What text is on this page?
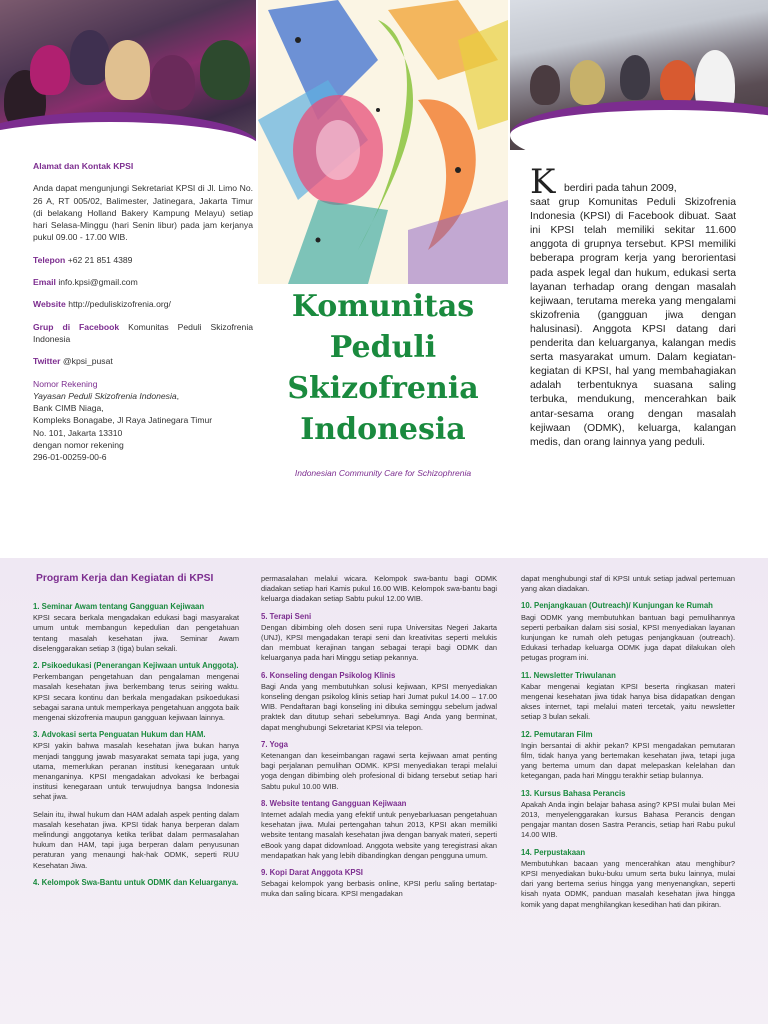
Alamat dan Kontak KPSI

Anda dapat mengunjungi Sekretariat KPSI di Jl. Limo No. 26 A, RT 005/02, Balimester, Jatinegara, Jakarta Timur (di belakang Holland Bakery Kampung Melayu) setiap hari Selasa-Minggu (hari Senin libur) pada jam kerjanya pukul 09.00 - 17.00 WIB.

Telepon +62 21 851 4389

Email info.kpsi@gmail.com

Website http://peduliskizofrenia.org/

Grup di Facebook Komunitas Peduli Skizofrenia Indonesia

Twitter @kpsi_pusat

Nomor Rekening

Yayasan Peduli Skizofrenia Indonesia,

Bank CIMB Niaga,

Kompleks Bonagabe, Jl Raya Jatinegara Timur

No. 101, Jakarta 13310

dengan nomor rekening

296-01-00259-00-6

Komunitas
Peduli
Skizofrenia
Indonesia
Indonesian Community Care for Schizophrenia
K berdiri pada tahun 2009,
saat grup Komunitas Peduli Skizofrenia Indonesia (KPSI) di Facebook dibuat. Saat ini KPSI telah memiliki sekitar 11.600 anggota di grupnya tersebut. KPSI memiliki beberapa program kerja yang berorientasi pada aspek legal dan hukum, edukasi serta layanan terhadap orang dengan masalah kejiwaan, terutama mereka yang mengalami skizofrenia (gangguan jiwa dengan halusinasi). Anggota KPSI datang dari penderita dan keluarganya, kalangan medis serta masyarakat umum. Dalam kegiatan-kegiatan di KPSI, hal yang membahagiakan adalah terbentuknya suasana saling terbuka, mendukung, mencerahkan baik antar-sesama orang dengan masalah kejiwaan (ODMK), keluarga, kalangan medis, dan orang lainnya yang peduli.
Program Kerja dan Kegiatan di KPSI
1. Seminar Awam tentang Gangguan Kejiwaan

KPSI secara berkala mengadakan edukasi bagi masyarakat umum untuk membangun kepedulian dan pengetahuan tentang masalah kesehatan jiwa. Seminar Awam diselenggarakan setiap 3 (tiga) bulan sekali.

2. Psikoedukasi (Penerangan Kejiwaan untuk Anggota).

Perkembangan pengetahuan dan pengalaman mengenai masalah kesehatan jiwa berkembang terus seiring waktu. KPSI secara kontinu dan berkala mengadakan psikoedukasi sebagai sarana untuk memperkaya pengetahuan anggota baik mengenai skizofrenia maupun gangguan kejiwaan lainnya.

3. Advokasi serta Penguatan Hukum dan HAM.

KPSI yakin bahwa masalah kesehatan jiwa bukan hanya menjadi tanggung jawab masyarakat semata tapi juga, yang utama, memerlukan peranan institusi kenegaraan untuk menanganinya. KPSI mengadakan advokasi ke berbagai institusi kenegaraan untuk terwujudnya bangsa Indonesia sehat jiwa.

Selain itu, ihwal hukum dan HAM adalah aspek penting dalam masalah kesehatan jiwa. KPSI tidak hanya berperan dalam melindungi anggotanya ketika terlibat dalam permasalahan hukum dan HAM, tapi juga berperan dalam penyusunan peraturan yang menaungi hak-hak ODMK, seperti RUU Kesehatan Jiwa.

4. Kelompok Swa-Bantu untuk ODMK dan Keluarganya.

permasalahan melalui wicara. Kelompok swa-bantu bagi ODMK diadakan setiap hari Kamis pukul 16.00 WIB. Kelompok swa-bantu bagi keluarga diadakan setiap Sabtu pukul 12.00 WIB.

5. Terapi Seni

Dengan dibimbing oleh dosen seni rupa Universitas Negeri Jakarta (UNJ), KPSI mengadakan terapi seni dan kreativitas seperti melukis dan membuat kerajinan tangan sebagai terapi bagi ODMK dan keluarganya pada hari Minggu setiap pekannya.

6. Konseling dengan Psikolog Klinis

Bagi Anda yang membutuhkan solusi kejiwaan, KPSI menyediakan konseling dengan psikolog klinis setiap hari Jumat pukul 14.00 – 17.00 WIB. Pendaftaran bagi konseling ini dibuka seminggu sebelum jadwal praktek dan ditutup sehari sebelumnya. Bagi Anda yang berminat, dapat menghubungi Sekretariat KPSI via telepon.

7. Yoga

Ketenangan dan keseimbangan ragawi serta kejiwaan amat penting bagi perjalanan pemulihan ODMK. KPSI menyediakan terapi melalui yoga dengan dibimbing oleh profesional di bidang tersebut setiap hari Sabtu pukul 10.00 WIB.

8. Website tentang Gangguan Kejiwaan

Internet adalah media yang efektif untuk penyebarluasan pengetahuan kesehatan jiwa. Mulai pertengahan tahun 2013, KPSI akan memiliki website tentang masalah kesehatan jiwa dengan banyak materi, seperti eBook yang dapat didownload. Anggota website yang teregistrasi akan mendapatkan hak yang lebih dibandingkan dengan pengguna umum.

9. Kopi Darat Anggota KPSI

Sebagai kelompok yang berbasis online, KPSI perlu saling bertatap-muka dan saling bicara. KPSI mengadakan

dapat menghubungi staf di KPSI untuk setiap jadwal pertemuan yang akan diadakan.

10. Penjangkauan (Outreach)/ Kunjungan ke Rumah

Bagi ODMK yang membutuhkan bantuan bagi pemulihannya seperti perbaikan dalam sisi sosial, KPSI menyediakan layanan kunjungan ke rumah oleh petugas penjangkauan (outreach). Edukasi terhadap keluarga ODMK juga dapat dilakukan oleh petugas program ini.

11. Newsletter Triwulanan

Kabar mengenai kegiatan KPSI beserta ringkasan materi mengenai kesehatan jiwa tidak hanya bisa didapatkan dengan akses internet, tapi melalui materi tercetak, yaitu newsletter setiap 3 bulan sekali.

12. Pemutaran Film

Ingin bersantai di akhir pekan? KPSI mengadakan pemutaran film, tidak hanya yang bertemakan kesehatan jiwa, tetapi juga yang bertema umum dan dapat melepaskan kelelahan dan ketegangan, pada hari Minggu terakhir setiap bulannya.

13. Kursus Bahasa Perancis

Apakah Anda ingin belajar bahasa asing? KPSI mulai bulan Mei 2013, menyelenggarakan kursus Bahasa Perancis dengan pengajar mantan dosen Sastra Perancis, setiap hari Rabu pukul 14.00 WIB.

14. Perpustakaan

Membutuhkan bacaan yang mencerahkan atau menghibur? KPSI menyediakan buku-buku umum serta buku lainnya, mulai dari yang bertema serius hingga yang menyenangkan, seperti kisah nyata ODMK, panduan masalah kesehatan jiwa hingga komik yang dapat menghilangkan kesedihan hati dan pikiran.
